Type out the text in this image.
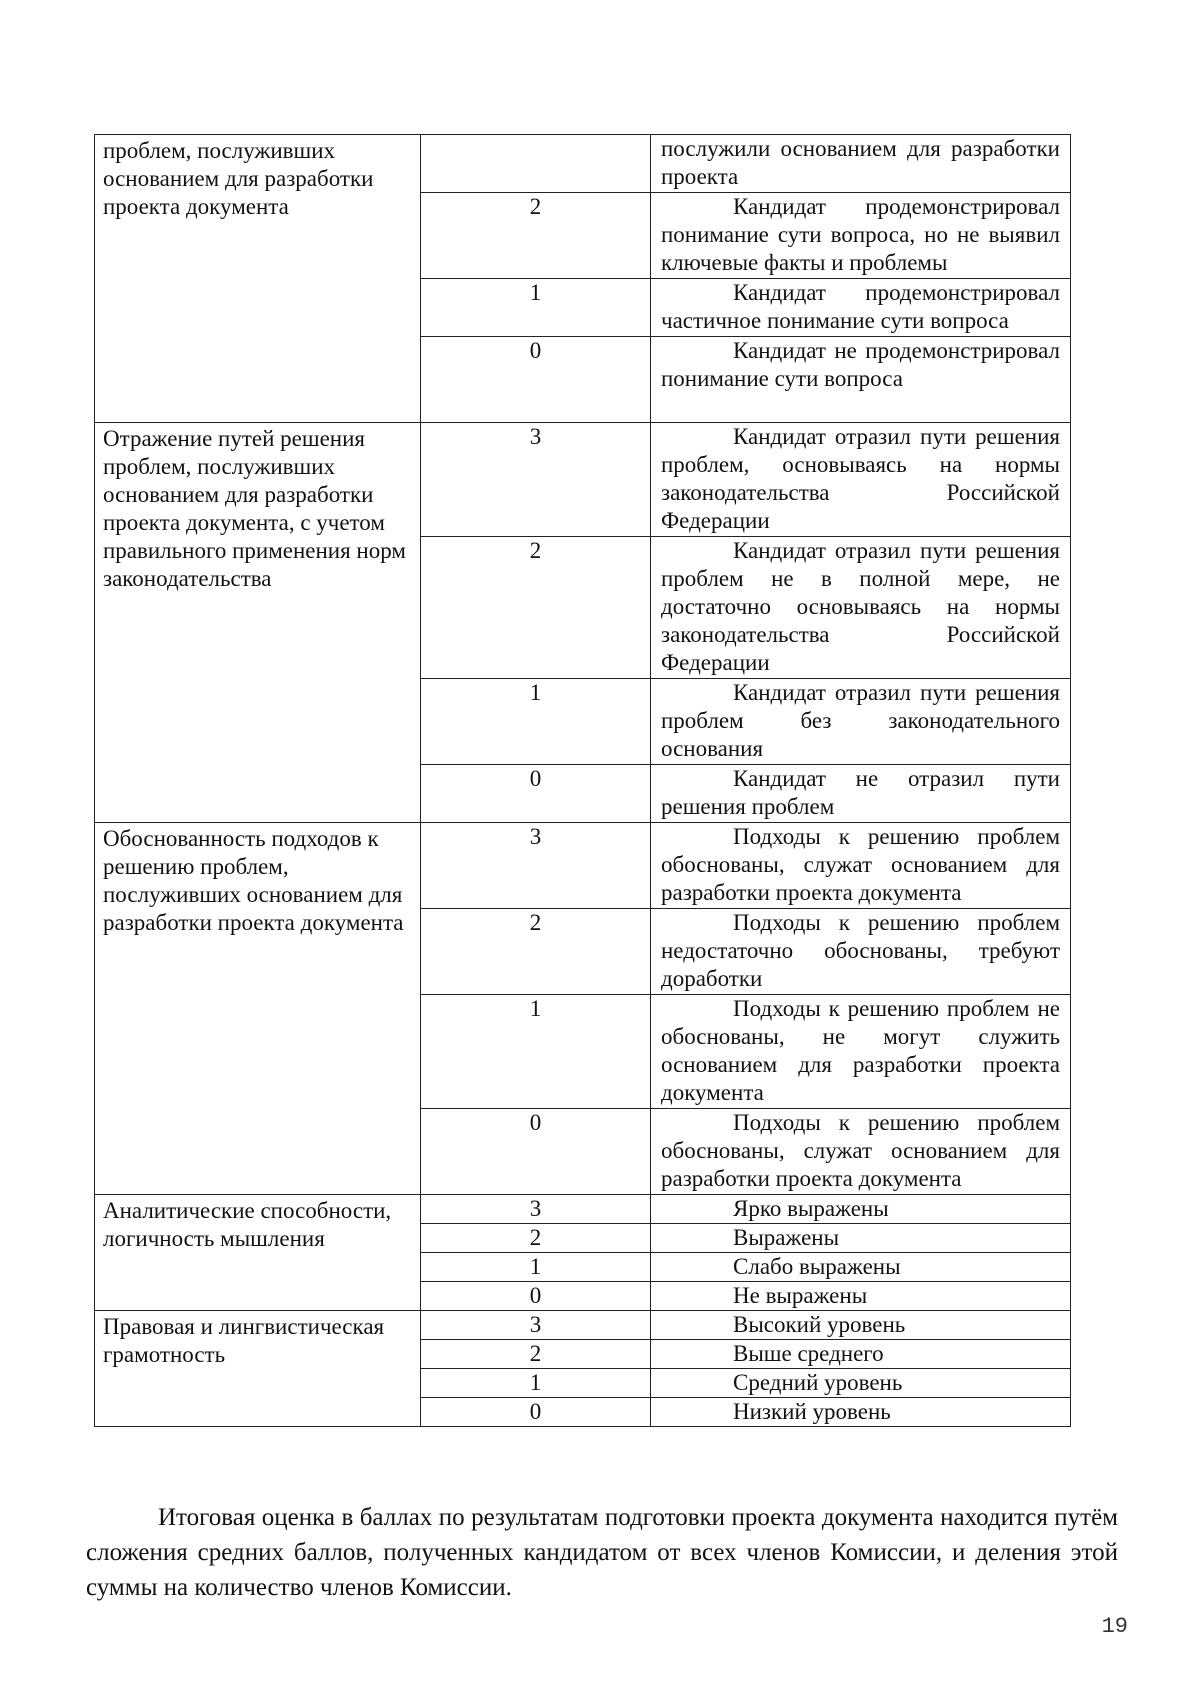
проблем, послуживших основанием для разработки проекта документа		послужили основанием для разработки проекта
	2	Кандидат продемонстрировал понимание сути вопроса, но не выявил ключевые факты и проблемы
	1	Кандидат продемонстрировал частичное понимание сути вопроса
	0	Кандидат не продемонстрировал понимание сути вопроса
Отражение путей решения проблем, послуживших основанием для разработки проекта документа, с учетом правильного применения норм законодательства	3	Кандидат отразил пути решения проблем, основываясь на нормы законодательства Российской Федерации
	2	Кандидат отразил пути решения проблем не в полной мере, не достаточно основываясь на нормы законодательства Российской Федерации
	1	Кандидат отразил пути решения проблем без законодательного основания
	0	Кандидат не отразил пути решения проблем
Обоснованность подходов к решению проблем, послуживших основанием для разработки проекта документа	3	Подходы к решению проблем обоснованы, служат основанием для разработки проекта документа
	2	Подходы к решению проблем недостаточно обоснованы, требуют доработки
	1	Подходы к решению проблем не обоснованы, не могут служить основанием для разработки проекта документа
	0	Подходы к решению проблем обоснованы, служат основанием для разработки проекта документа
Аналитические способности, логичность мышления	3	Ярко выражены
	2	Выражены
	1	Слабо выражены
	0	Не выражены
Правовая и лингвистическая грамотность	3	Высокий уровень
	2	Выше среднего
	1	Средний уровень
	0	Низкий уровень

Итоговая оценка в баллах по результатам подготовки проекта документа находится путём сложения средних баллов, полученных кандидатом от всех членов Комиссии, и деления этой суммы на количество членов Комиссии.

19
